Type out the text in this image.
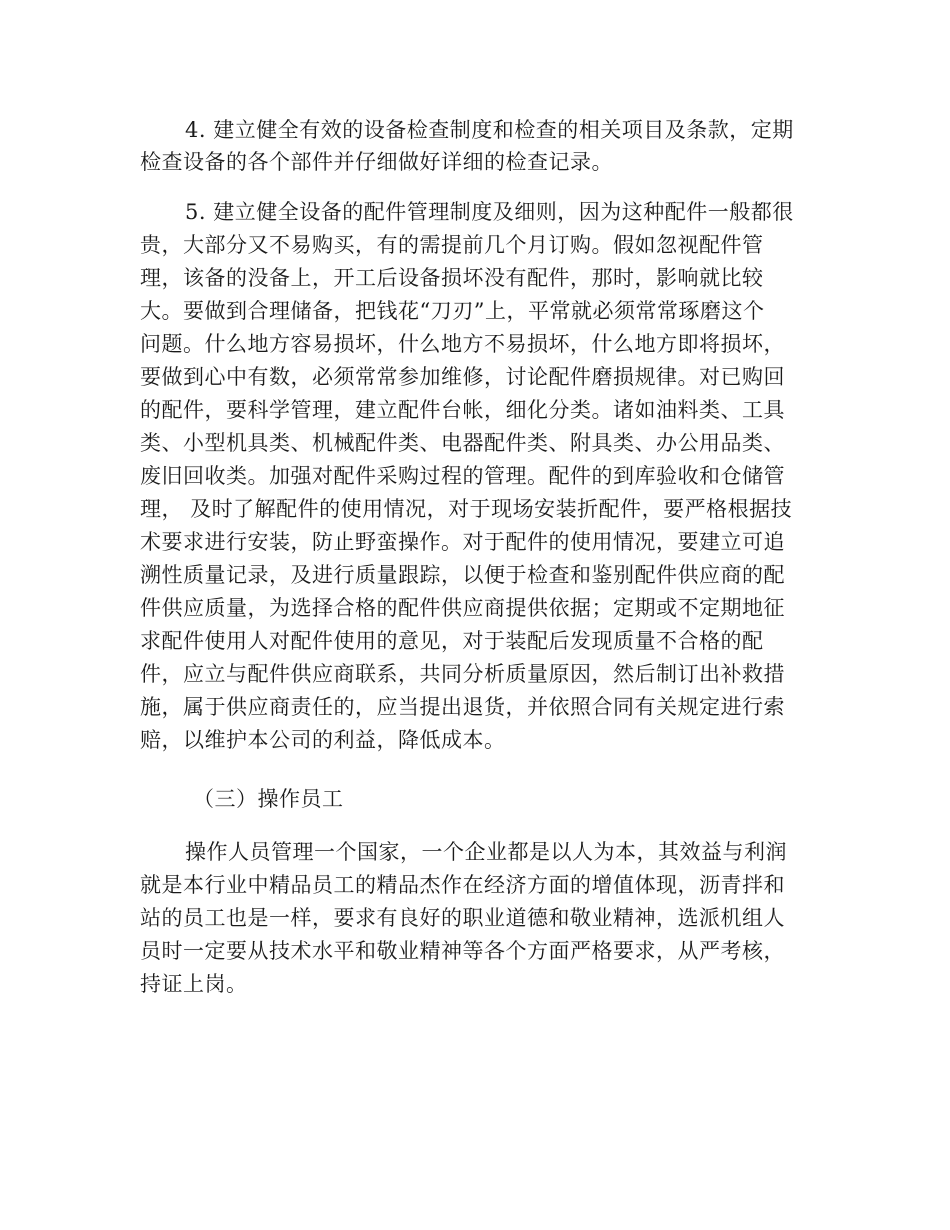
4. 建立健全有效的设备检查制度和检查的相关项目及条款，定期
检查设备的各个部件并仔细做好详细的检查记录。
5. 建立健全设备的配件管理制度及细则，因为这种配件一般都很
贵，大部分又不易购买，有的需提前几个月订购。假如忽视配件管
理，该备的没备上，开工后设备损坏没有配件，那时，影响就比较
大。要做到合理储备，把钱花“刀刃”上，平常就必须常常琢磨这个
问题。什么地方容易损坏，什么地方不易损坏，什么地方即将损坏，
要做到心中有数，必须常常参加维修，讨论配件磨损规律。对已购回
的配件，要科学管理，建立配件台帐，细化分类。诸如油料类、工具
类、小型机具类、机械配件类、电器配件类、附具类、办公用品类、
废旧回收类。加强对配件采购过程的管理。配件的到库验收和仓储管
理， 及时了解配件的使用情况，对于现场安装折配件，要严格根据技
术要求进行安装，防止野蛮操作。对于配件的使用情况，要建立可追
溯性质量记录，及进行质量跟踪，以便于检查和鉴别配件供应商的配
件供应质量，为选择合格的配件供应商提供依据；定期或不定期地征
求配件使用人对配件使用的意见，对于装配后发现质量不合格的配
件，应立与配件供应商联系，共同分析质量原因，然后制订出补救措
施，属于供应商责任的，应当提出退货，并依照合同有关规定进行索
赔，以维护本公司的利益，降低成本。
（三）操作员工
操作人员管理一个国家，一个企业都是以人为本，其效益与利润
就是本行业中精品员工的精品杰作在经济方面的增值体现，沥青拌和
站的员工也是一样，要求有良好的职业道德和敬业精神，选派机组人
员时一定要从技术水平和敬业精神等各个方面严格要求，从严考核，
持证上岗。
